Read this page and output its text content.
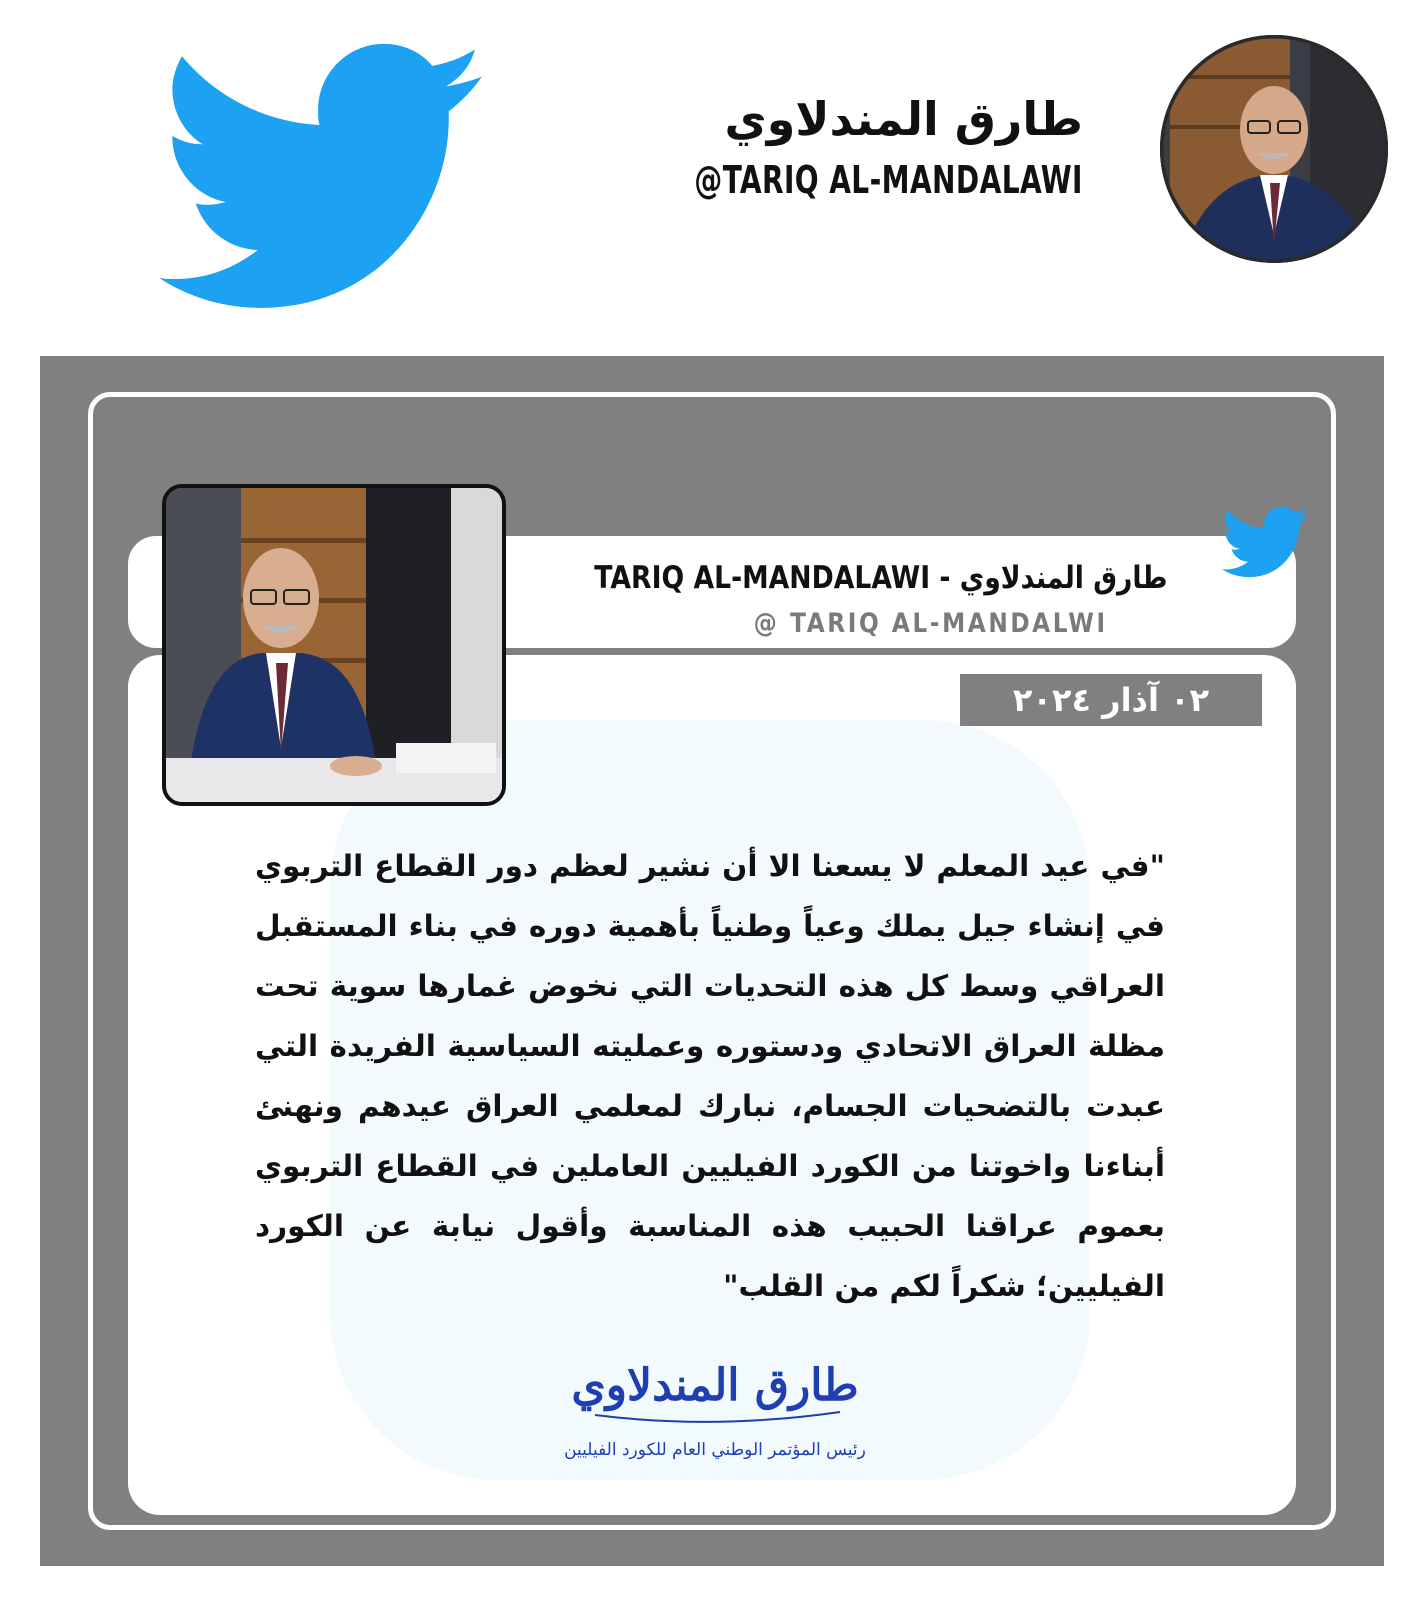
طارق المندلاوي
@TARIQ AL-MANDALAWI
TARIQ AL-MANDALAWI - طارق المندلاوي
@ TARIQ AL-MANDALWI
٠٢ آذار ٢٠٢٤
"في عيد المعلم لا يسعنا الا أن نشير لعظم دور القطاع التربوي في إنشاء جيل يملك وعياً وطنياً بأهمية دوره في بناء المستقبل العراقي وسط كل هذه التحديات التي نخوض غمارها سوية تحت مظلة العراق الاتحادي ودستوره وعمليته السياسية الفريدة التي عبدت بالتضحيات الجسام، نبارك لمعلمي العراق عيدهم ونهنئ أبناءنا واخوتنا من الكورد الفيليين العاملين في القطاع التربوي بعموم عراقنا الحبيب هذه المناسبة وأقول نيابة عن الكورد الفيليين؛ شكراً لكم من القلب"
طارق المندلاوي
رئيس المؤتمر الوطني العام للكورد الفيليين
